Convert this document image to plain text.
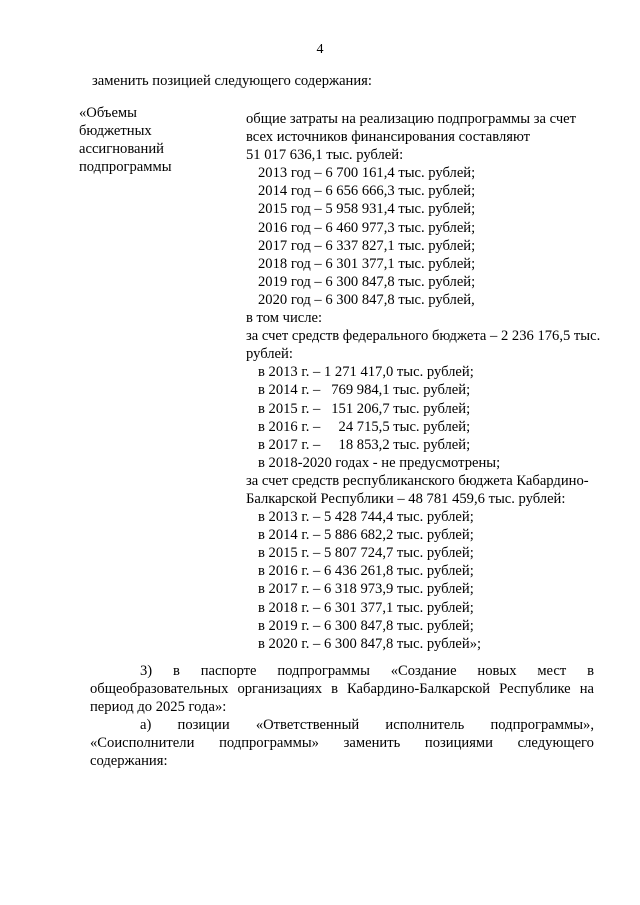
4
заменить позицией следующего содержания:
«Объемы
бюджетных
ассигнований
подпрограммы
общие затраты на реализацию подпрограммы за счет
всех источников финансирования составляют
51 017 636,1 тыс. рублей:
2013 год – 6 700 161,4 тыс. рублей;
2014 год – 6 656 666,3 тыс. рублей;
2015 год – 5 958 931,4 тыс. рублей;
2016 год – 6 460 977,3 тыс. рублей;
2017 год – 6 337 827,1 тыс. рублей;
2018 год – 6 301 377,1 тыс. рублей;
2019 год – 6 300 847,8 тыс. рублей;
2020 год – 6 300 847,8 тыс. рублей,
в том числе:
за счет средств федерального бюджета – 2 236 176,5 тыс.
рублей:
в 2013 г. – 1 271 417,0 тыс. рублей;
в 2014 г. –   769 984,1 тыс. рублей;
в 2015 г. –   151 206,7 тыс. рублей;
в 2016 г. –     24 715,5 тыс. рублей;
в 2017 г. –     18 853,2 тыс. рублей;
в 2018-2020 годах - не предусмотрены;
за счет средств республиканского бюджета Кабардино-
Балкарской Республики – 48 781 459,6 тыс. рублей:
в 2013 г. – 5 428 744,4 тыс. рублей;
в 2014 г. – 5 886 682,2 тыс. рублей;
в 2015 г. – 5 807 724,7 тыс. рублей;
в 2016 г. – 6 436 261,8 тыс. рублей;
в 2017 г. – 6 318 973,9 тыс. рублей;
в 2018 г. – 6 301 377,1 тыс. рублей;
в 2019 г. – 6 300 847,8 тыс. рублей;
в 2020 г. – 6 300 847,8 тыс. рублей»;
3) в паспорте подпрограммы «Создание новых мест в
общеобразовательных организациях в Кабардино-Балкарской Республике на
период до 2025 года»:
а) позиции «Ответственный исполнитель подпрограммы»,
«Соисполнители подпрограммы» заменить позициями следующего
содержания:
